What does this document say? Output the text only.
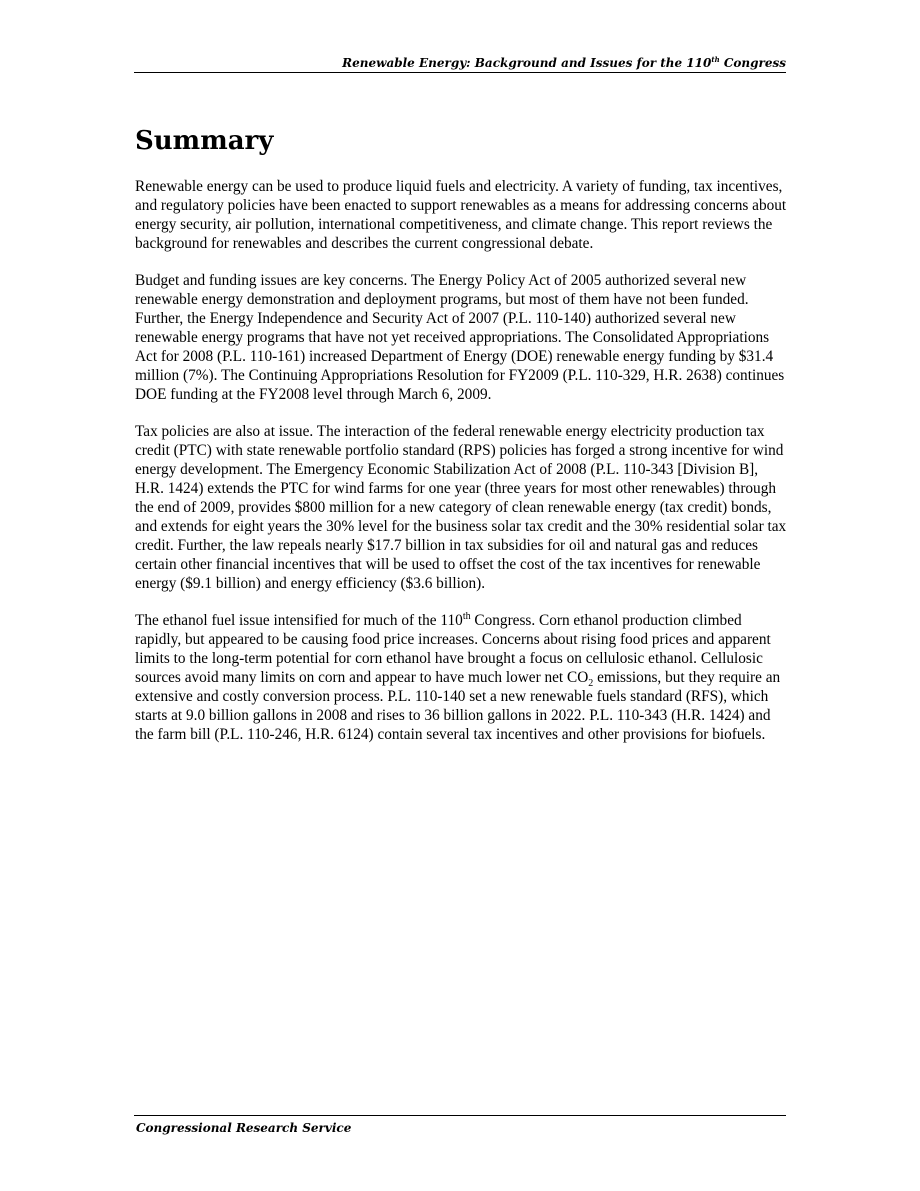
Renewable Energy: Background and Issues for the 110th Congress
Summary

Renewable energy can be used to produce liquid fuels and electricity. A variety of funding, tax incentives, and regulatory policies have been enacted to support renewables as a means for addressing concerns about energy security, air pollution, international competitiveness, and climate change. This report reviews the background for renewables and describes the current congressional debate.

Budget and funding issues are key concerns. The Energy Policy Act of 2005 authorized several new renewable energy demonstration and deployment programs, but most of them have not been funded. Further, the Energy Independence and Security Act of 2007 (P.L. 110-140) authorized several new renewable energy programs that have not yet received appropriations. The Consolidated Appropriations Act for 2008 (P.L. 110-161) increased Department of Energy (DOE) renewable energy funding by $31.4 million (7%). The Continuing Appropriations Resolution for FY2009 (P.L. 110-329, H.R. 2638) continues DOE funding at the FY2008 level through March 6, 2009.

Tax policies are also at issue. The interaction of the federal renewable energy electricity production tax credit (PTC) with state renewable portfolio standard (RPS) policies has forged a strong incentive for wind energy development. The Emergency Economic Stabilization Act of 2008 (P.L. 110-343 [Division B], H.R. 1424) extends the PTC for wind farms for one year (three years for most other renewables) through the end of 2009, provides $800 million for a new category of clean renewable energy (tax credit) bonds, and extends for eight years the 30% level for the business solar tax credit and the 30% residential solar tax credit. Further, the law repeals nearly $17.7 billion in tax subsidies for oil and natural gas and reduces certain other financial incentives that will be used to offset the cost of the tax incentives for renewable energy ($9.1 billion) and energy efficiency ($3.6 billion).

The ethanol fuel issue intensified for much of the 110th Congress. Corn ethanol production climbed rapidly, but appeared to be causing food price increases. Concerns about rising food prices and apparent limits to the long-term potential for corn ethanol have brought a focus on cellulosic ethanol. Cellulosic sources avoid many limits on corn and appear to have much lower net $CO_2$ emissions, but they require an extensive and costly conversion process. P.L. 110-140 set a new renewable fuels standard (RFS), which starts at 9.0 billion gallons in 2008 and rises to 36 billion gallons in 2022. P.L. 110-343 (H.R. 1424) and the farm bill (P.L. 110-246, H.R. 6124) contain several tax incentives and other provisions for biofuels.

Congressional Research Service
